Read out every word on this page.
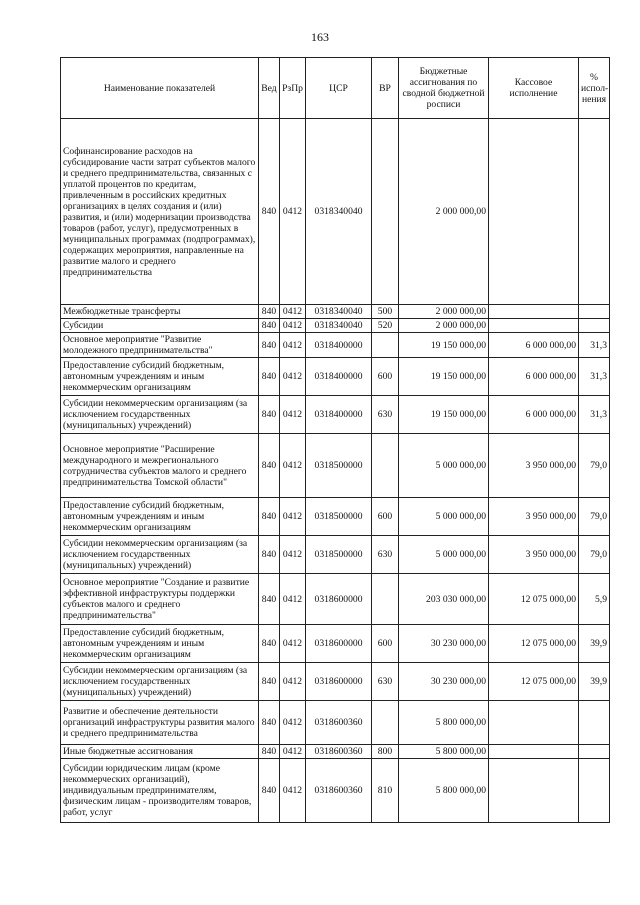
163
Наименование показателей	Вед	РзПр	ЦСР	ВР	Бюджетные ассигнования по сводной бюджетной росписи	Кассовое исполнение	% испол-нения
Софинансирование расходов на субсидирование части затрат субъектов малого и среднего предпринимательства, связанных с уплатой процентов по кредитам, привлеченным в российских кредитных организациях в целях создания и (или) развития, и (или) модернизации производства товаров (работ, услуг), предусмотренных в муниципальных программах (подпрограммах), содержащих мероприятия, направленные на развитие малого и среднего предпринимательства	840	0412	0318340040		2 000 000,00		
Межбюджетные трансферты	840	0412	0318340040	500	2 000 000,00		
Субсидии	840	0412	0318340040	520	2 000 000,00		
Основное мероприятие "Развитие молодежного предпринимательства"	840	0412	0318400000		19 150 000,00	6 000 000,00	31,3
Предоставление субсидий бюджетным, автономным учреждениям и иным некоммерческим организациям	840	0412	0318400000	600	19 150 000,00	6 000 000,00	31,3
Субсидии некоммерческим организациям (за исключением государственных (муниципальных) учреждений)	840	0412	0318400000	630	19 150 000,00	6 000 000,00	31,3
Основное мероприятие "Расширение международного и межрегионального сотрудничества субъектов малого и среднего предпринимательства Томской области"	840	0412	0318500000		5 000 000,00	3 950 000,00	79,0
Предоставление субсидий бюджетным, автономным учреждениям и иным некоммерческим организациям	840	0412	0318500000	600	5 000 000,00	3 950 000,00	79,0
Субсидии некоммерческим организациям (за исключением государственных (муниципальных) учреждений)	840	0412	0318500000	630	5 000 000,00	3 950 000,00	79,0
Основное мероприятие "Создание и развитие эффективной инфраструктуры поддержки субъектов малого и среднего предпринимательства"	840	0412	0318600000		203 030 000,00	12 075 000,00	5,9
Предоставление субсидий бюджетным, автономным учреждениям и иным некоммерческим организациям	840	0412	0318600000	600	30 230 000,00	12 075 000,00	39,9
Субсидии некоммерческим организациям (за исключением государственных (муниципальных) учреждений)	840	0412	0318600000	630	30 230 000,00	12 075 000,00	39,9
Развитие и обеспечение деятельности организаций инфраструктуры развития малого и среднего предпринимательства	840	0412	0318600360		5 800 000,00		
Иные бюджетные ассигнования	840	0412	0318600360	800	5 800 000,00		
Субсидии юридическим лицам (кроме некоммерческих организаций), индивидуальным предпринимателям, физическим лицам - производителям товаров, работ, услуг	840	0412	0318600360	810	5 800 000,00		
